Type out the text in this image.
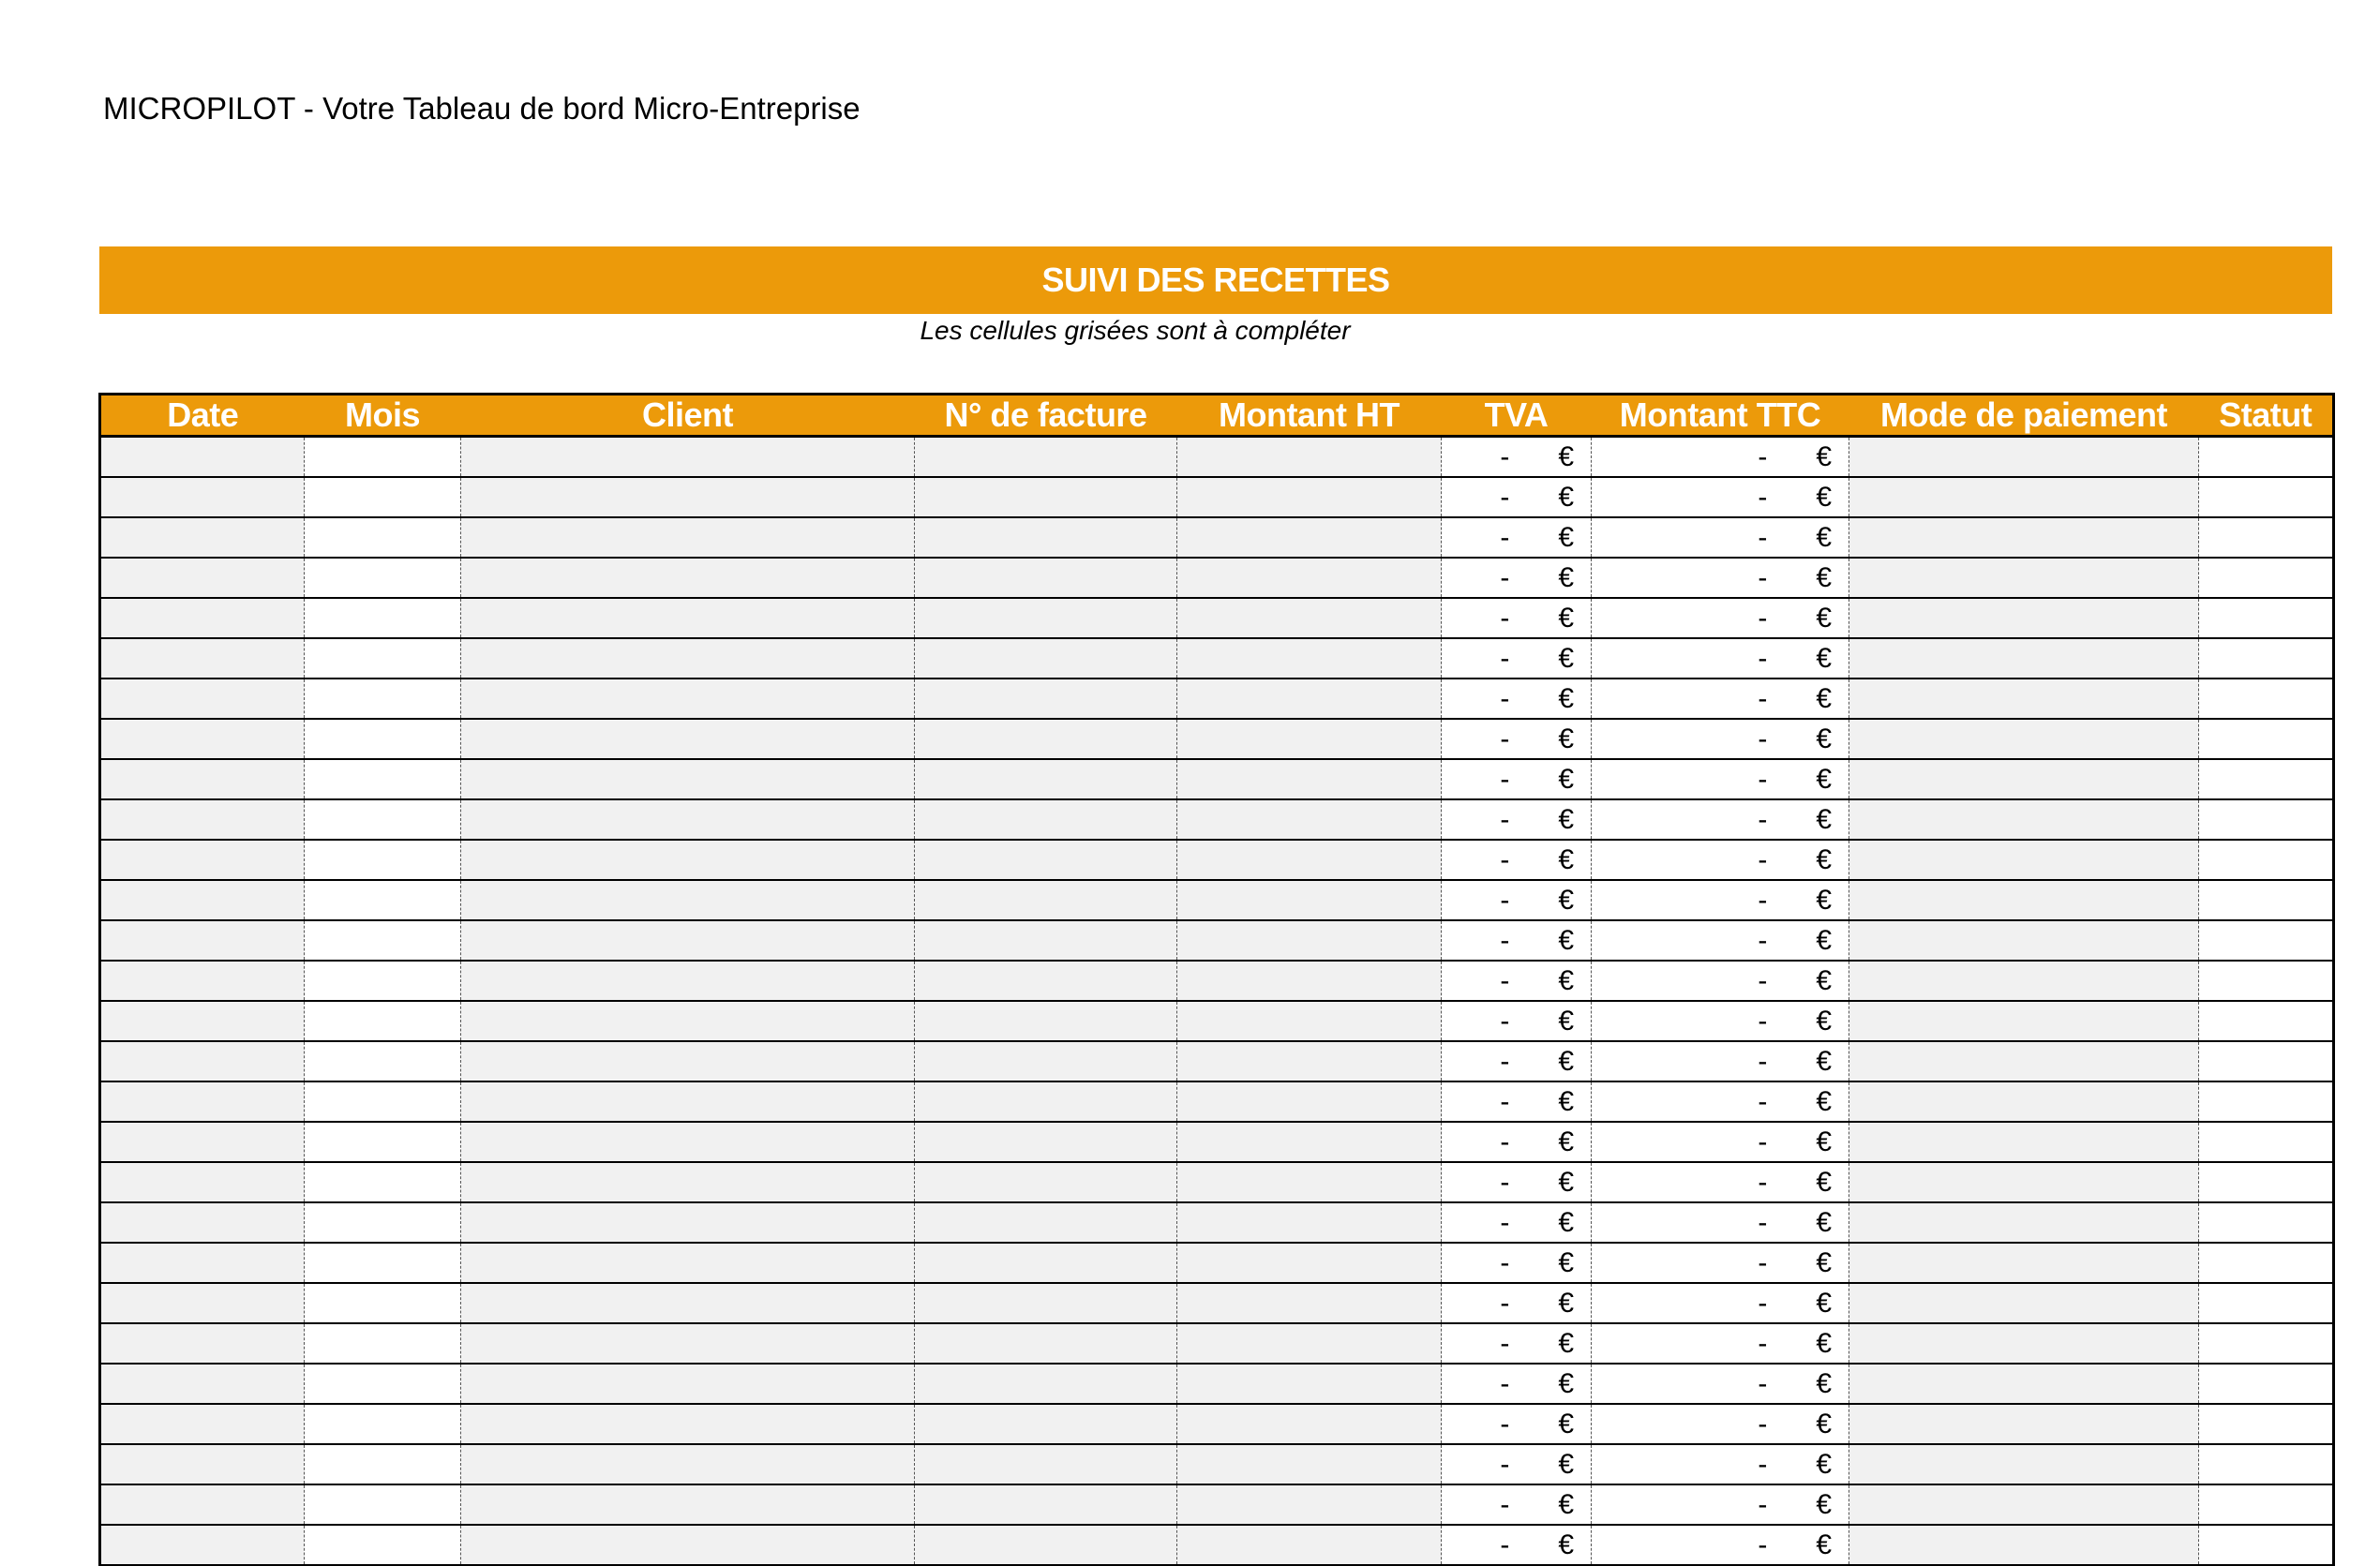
MICROPILOT - Votre Tableau de bord Micro-Entreprise
SUIVI DES RECETTES
Les cellules grisées sont à compléter
Date	Mois	Client	N° de facture	Montant HT	TVA	Montant TTC	Mode de paiement	Statut

					- €	- €		

					- €	- €		

					- €	- €		

					- €	- €		

					- €	- €		

					- €	- €		

					- €	- €		

					- €	- €		

					- €	- €		

					- €	- €		

					- €	- €		

					- €	- €		

					- €	- €		

					- €	- €		

					- €	- €		

					- €	- €		

					- €	- €		

					- €	- €		

					- €	- €		

					- €	- €		

					- €	- €		

					- €	- €		

					- €	- €		

					- €	- €		

					- €	- €		

					- €	- €		

					- €	- €		

					- €	- €		
